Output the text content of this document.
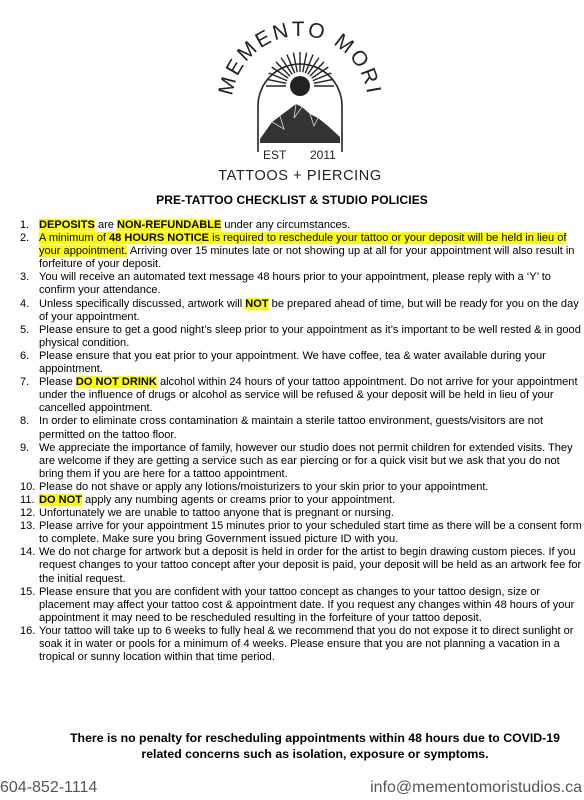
MEMENTO MORI
EST 2011
TATTOOS + PIERCING
PRE-TATTOO CHECKLIST & STUDIO POLICIES
1. DEPOSITS are NON-REFUNDABLE under any circumstances.
2. A minimum of 48 HOURS NOTICE is required to reschedule your tattoo or your deposit will be held in lieu of your appointment. Arriving over 15 minutes late or not showing up at all for your appointment will also result in forfeiture of your deposit.
3. You will receive an automated text message 48 hours prior to your appointment, please reply with a ‘Y’ to confirm your attendance.
4. Unless specifically discussed, artwork will NOT be prepared ahead of time, but will be ready for you on the day of your appointment.
5. Please ensure to get a good night’s sleep prior to your appointment as it’s important to be well rested & in good physical condition.
6. Please ensure that you eat prior to your appointment. We have coffee, tea & water available during your appointment.
7. Please DO NOT DRINK alcohol within 24 hours of your tattoo appointment. Do not arrive for your appointment under the influence of drugs or alcohol as service will be refused & your deposit will be held in lieu of your cancelled appointment.
8. In order to eliminate cross contamination & maintain a sterile tattoo environment, guests/visitors are not permitted on the tattoo floor.
9. We appreciate the importance of family, however our studio does not permit children for extended visits. They are welcome if they are getting a service such as ear piercing or for a quick visit but we ask that you do not bring them if you are here for a tattoo appointment.
10. Please do not shave or apply any lotions/moisturizers to your skin prior to your appointment.
11. DO NOT apply any numbing agents or creams prior to your appointment.
12. Unfortunately we are unable to tattoo anyone that is pregnant or nursing.
13. Please arrive for your appointment 15 minutes prior to your scheduled start time as there will be a consent form to complete. Make sure you bring Government issued picture ID with you.
14. We do not charge for artwork but a deposit is held in order for the artist to begin drawing custom pieces. If you request changes to your tattoo concept after your deposit is paid, your deposit will be held as an artwork fee for the initial request.
15. Please ensure that you are confident with your tattoo concept as changes to your tattoo design, size or placement may affect your tattoo cost & appointment date. If you request any changes within 48 hours of your appointment it may need to be rescheduled resulting in the forfeiture of your tattoo deposit.
16. Your tattoo will take up to 6 weeks to fully heal & we recommend that you do not expose it to direct sunlight or soak it in water or pools for a minimum of 4 weeks. Please ensure that you are not planning a vacation in a tropical or sunny location within that time period.
There is no penalty for rescheduling appointments within 48 hours due to COVID-19 related concerns such as isolation, exposure or symptoms.
604-852-1114	info@mementomoristudios.ca
